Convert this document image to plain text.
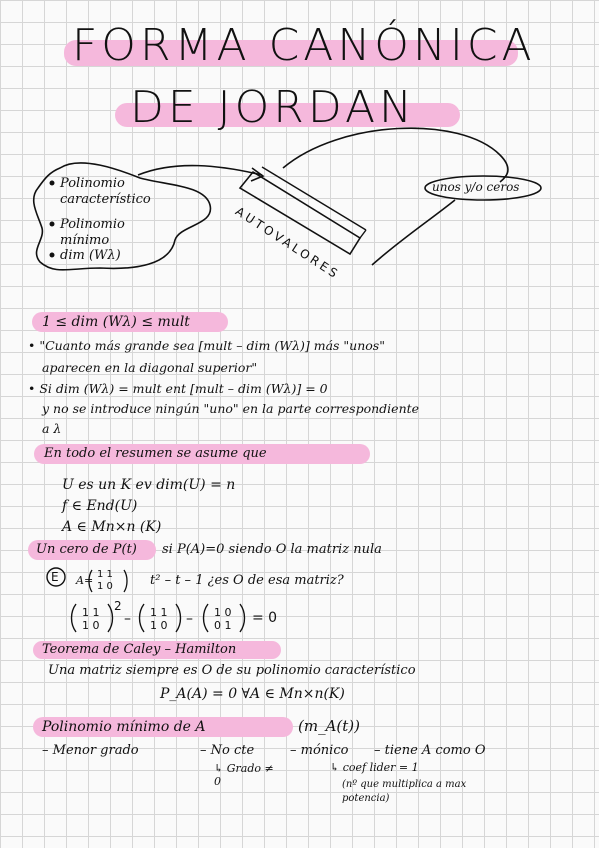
FORMA CANÓNICA
DE JORDAN
Polinomio característico
Polinomio mínimo
dim (Wλ)	AUTOVALORES
unos y/o ceros
1 ≤ dim (Wλ) ≤ mult
• "Cuanto más grande sea [mult – dim (Wλ)] más "unos"
aparecen en la diagonal superior"
• Si dim (Wλ) = mult ent [mult – dim (Wλ)] = 0
y no se introduce ningún "uno" en la parte correspondiente
a λ
En todo el resumen se asume que
U es un K ev dim(U) = n
f ∈ End(U)
A ∈ Mn×n (K)
Un cero de P(t) si P(A)=0 siendo O la matriz nula
E A= 1 1
1 0	t² – t – 1 ¿es O de esa matriz?
1 1
1 0
2
– 1 1
1 0 – 1 0
0 1 = 0
Teorema de Caley – Hamilton
Una matriz siempre es O de su polinomio característico
P_A(A) = 0 ∀A ∈ Mn×n(K)
Polinomio mínimo de A	(m_A(t))
– Menor grado	– No cte	– mónico – tiene A como O
↳ Grado ≠ 0
↳ coef lider = 1
(nº que multiplica a max potencia)
